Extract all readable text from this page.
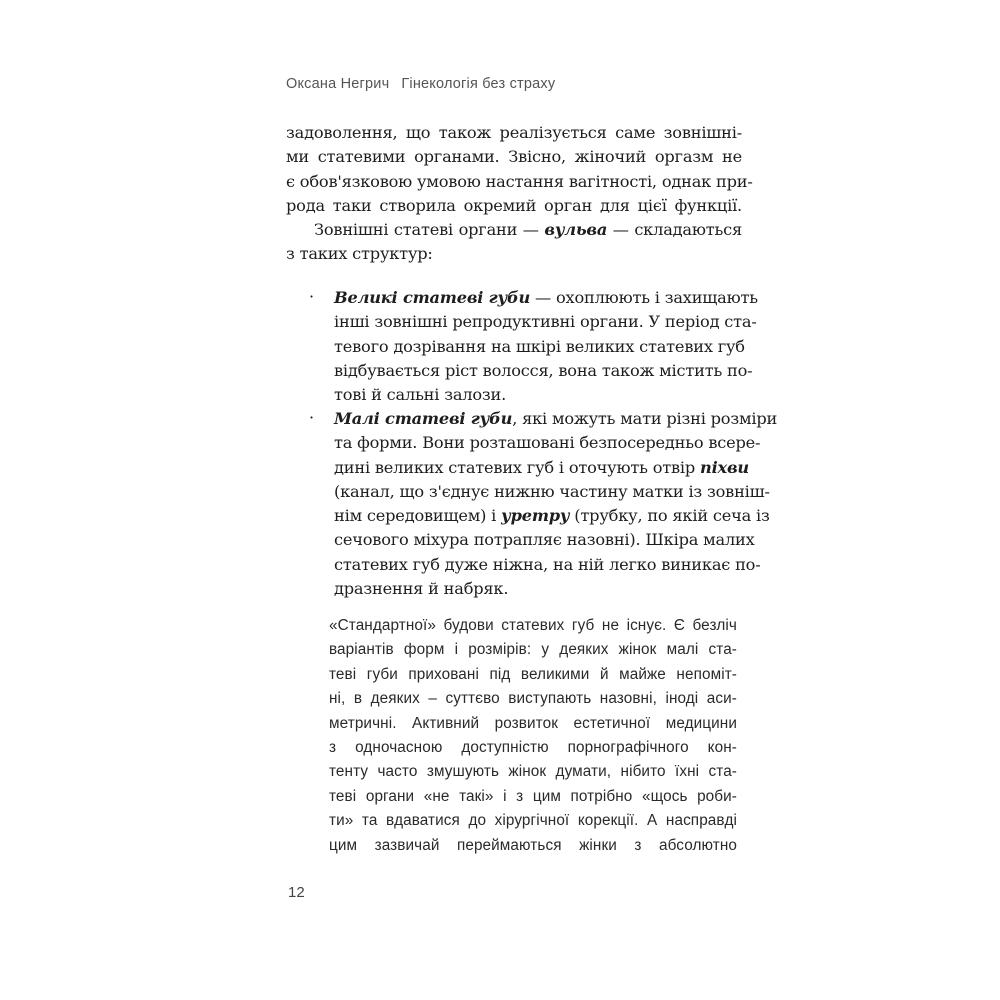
Оксана Негрич Гінекологія без страху
задоволення, що також реалізується саме зовнішні-
ми статевими органами. Звісно, жіночий оргазм не
є обов'язковою умовою настання вагітності, однак при-
рода таки створила окремий орган для цієї функції.
Зовнішні статеві органи — вульва — складаються
з таких структур:
· Великі статеві губи — охоплюють і захищають
інші зовнішні репродуктивні органи. У період ста-
тевого дозрівання на шкірі великих статевих губ
відбувається ріст волосся, вона також містить по-
тові й сальні залози.
· Малі статеві губи, які можуть мати різні розміри
та форми. Вони розташовані безпосередньо всере-
дині великих статевих губ і оточують отвір піхви
(канал, що з'єднує нижню частину матки із зовніш-
нім середовищем) і уретру (трубку, по якій сеча із
сечового міхура потрапляє назовні). Шкіра малих
статевих губ дуже ніжна, на ній легко виникає по-
дразнення й набряк.
«Стандартної» будови статевих губ не існує. Є безліч
варіантів форм і розмірів: у деяких жінок малі ста-
теві губи приховані під великими й майже непоміт-
ні, в деяких – суттєво виступають назовні, іноді аси-
метричні. Активний розвиток естетичної медицини
з одночасною доступністю порнографічного кон-
тенту часто змушують жінок думати, нібито їхні ста-
теві органи «не такі» і з цим потрібно «щось роби-
ти» та вдаватися до хірургічної корекції. А насправді
цим зазвичай переймаються жінки з абсолютно
12
